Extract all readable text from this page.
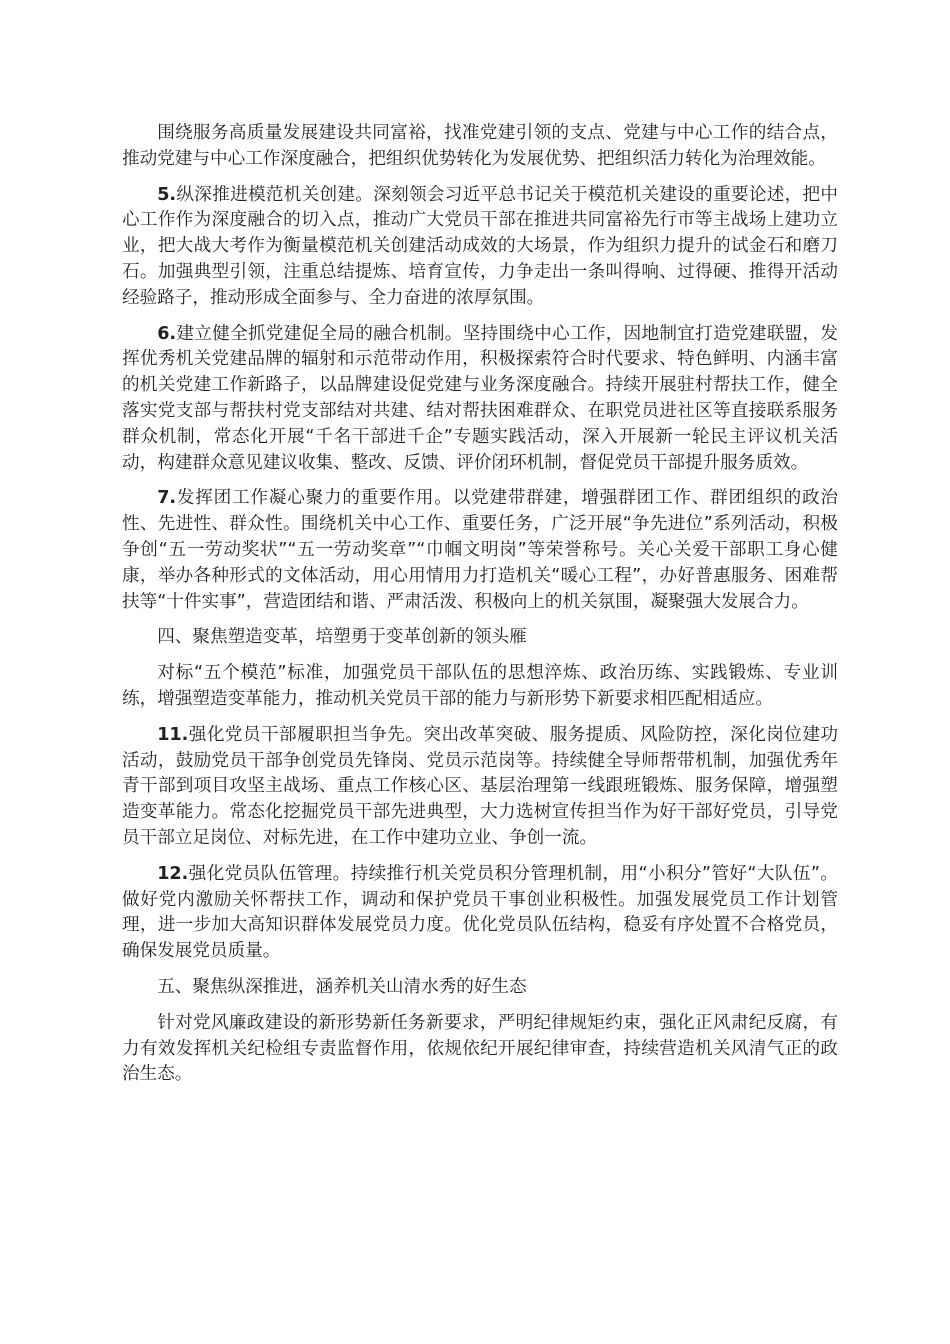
围绕服务高质量发展建设共同富裕，找准党建引领的支点、党建与中心工作的结合点，推动党建与中心工作深度融合，把组织优势转化为发展优势、把组织活力转化为治理效能。

5.纵深推进模范机关创建。深刻领会习近平总书记关于模范机关建设的重要论述，把中心工作作为深度融合的切入点，推动广大党员干部在推进共同富裕先行市等主战场上建功立业，把大战大考作为衡量模范机关创建活动成效的大场景，作为组织力提升的试金石和磨刀石。加强典型引领，注重总结提炼、培育宣传，力争走出一条叫得响、过得硬、推得开活动经验路子，推动形成全面参与、全力奋进的浓厚氛围。

6.建立健全抓党建促全局的融合机制。坚持围绕中心工作，因地制宜打造党建联盟，发挥优秀机关党建品牌的辐射和示范带动作用，积极探索符合时代要求、特色鲜明、内涵丰富的机关党建工作新路子，以品牌建设促党建与业务深度融合。持续开展驻村帮扶工作，健全落实党支部与帮扶村党支部结对共建、结对帮扶困难群众、在职党员进社区等直接联系服务群众机制，常态化开展“千名干部进千企”专题实践活动，深入开展新一轮民主评议机关活动，构建群众意见建议收集、整改、反馈、评价闭环机制，督促党员干部提升服务质效。

7.发挥团工作凝心聚力的重要作用。以党建带群建，增强群团工作、群团组织的政治性、先进性、群众性。围绕机关中心工作、重要任务，广泛开展“争先进位”系列活动，积极争创“五一劳动奖状”“五一劳动奖章”“巾帼文明岗”等荣誉称号。关心关爱干部职工身心健康，举办各种形式的文体活动，用心用情用力打造机关“暖心工程”，办好普惠服务、困难帮扶等“十件实事”，营造团结和谐、严肃活泼、积极向上的机关氛围，凝聚强大发展合力。

四、聚焦塑造变革，培塑勇于变革创新的领头雁

对标“五个模范”标准，加强党员干部队伍的思想淬炼、政治历练、实践锻炼、专业训练，增强塑造变革能力，推动机关党员干部的能力与新形势下新要求相匹配相适应。

11.强化党员干部履职担当争先。突出改革突破、服务提质、风险防控，深化岗位建功活动，鼓励党员干部争创党员先锋岗、党员示范岗等。持续健全导师帮带机制，加强优秀年青干部到项目攻坚主战场、重点工作核心区、基层治理第一线跟班锻炼、服务保障，增强塑造变革能力。常态化挖掘党员干部先进典型，大力选树宣传担当作为好干部好党员，引导党员干部立足岗位、对标先进，在工作中建功立业、争创一流。

12.强化党员队伍管理。持续推行机关党员积分管理机制，用“小积分”管好“大队伍”。做好党内激励关怀帮扶工作，调动和保护党员干事创业积极性。加强发展党员工作计划管理，进一步加大高知识群体发展党员力度。优化党员队伍结构，稳妥有序处置不合格党员，确保发展党员质量。

五、聚焦纵深推进，涵养机关山清水秀的好生态

针对党风廉政建设的新形势新任务新要求，严明纪律规矩约束，强化正风肃纪反腐，有力有效发挥机关纪检组专责监督作用，依规依纪开展纪律审查，持续营造机关风清气正的政治生态。
